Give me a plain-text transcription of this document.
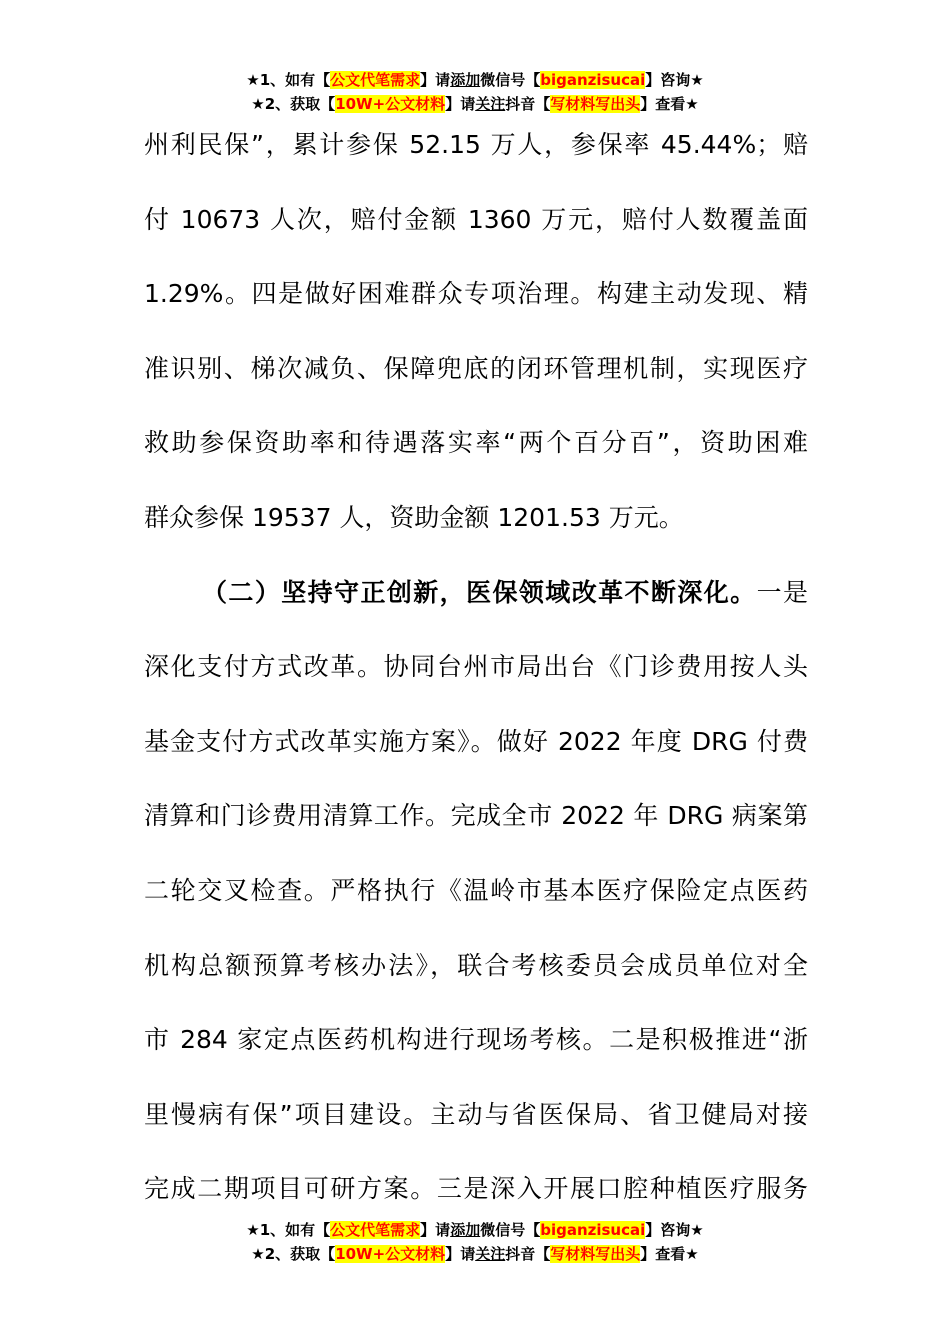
★1、如有【公文代笔需求】请添加微信号【biganzisucai】咨询★
★2、获取【10W+公文材料】请关注抖音【写材料写出头】查看★
州利民保”，累计参保 52.15 万人，参保率 45.44%；赔
付 10673 人次，赔付金额 1360 万元，赔付人数覆盖面
1.29%。四是做好困难群众专项治理。构建主动发现、精
准识别、梯次减负、保障兜底的闭环管理机制，实现医疗
救助参保资助率和待遇落实率“两个百分百”，资助困难
群众参保 19537 人，资助金额 1201.53 万元。
（二）坚持守正创新，医保领域改革不断深化。一是
深化支付方式改革。协同台州市局出台《门诊费用按人头
基金支付方式改革实施方案》。做好 2022 年度 DRG 付费
清算和门诊费用清算工作。完成全市 2022 年 DRG 病案第
二轮交叉检查。严格执行《温岭市基本医疗保险定点医药
机构总额预算考核办法》，联合考核委员会成员单位对全
市 284 家定点医药机构进行现场考核。二是积极推进“浙
里慢病有保”项目建设。主动与省医保局、省卫健局对接
完成二期项目可研方案。三是深入开展口腔种植医疗服务
★1、如有【公文代笔需求】请添加微信号【biganzisucai】咨询★
★2、获取【10W+公文材料】请关注抖音【写材料写出头】查看★
